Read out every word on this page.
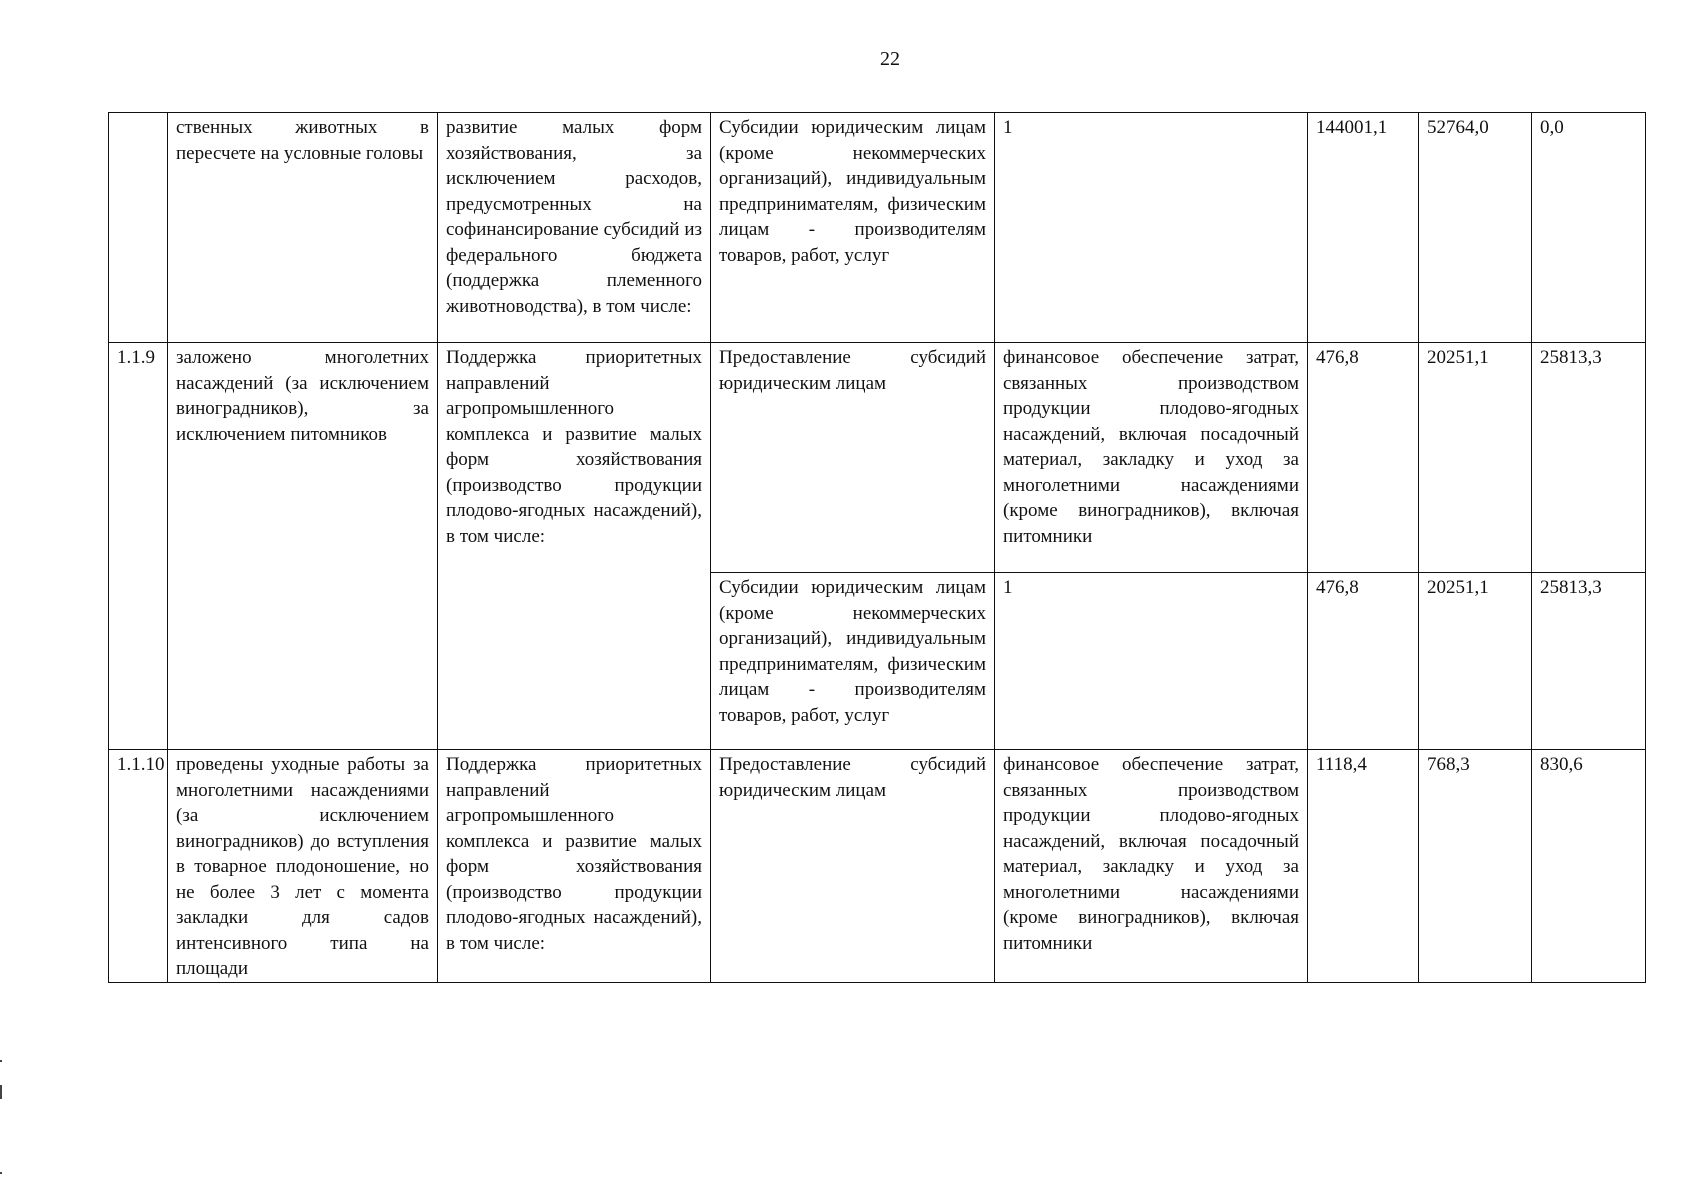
22
	ственных животных в пересчете на условные головы	развитие малых форм хозяйствования, за исключением расходов, предусмотренных на софинансирование субсидий из федерального бюджета (поддержка племенного животноводства), в том числе:	Субсидии юридическим лицам (кроме некоммерческих организаций), индивидуальным предпринимателям, физическим лицам - производителям товаров, работ, услуг	1	144001,1	52764,0	0,0
1.1.9	заложено многолетних насаждений (за исключением виноградников), за исключением питомников	Поддержка приоритетных направлений агропромышленного комплекса и развитие малых форм хозяйствования (производство продукции плодово-ягодных насаждений), в том числе:	Предоставление субсидий юридическим лицам	финансовое обеспечение затрат, связанных производством продукции плодово-ягодных насаждений, включая посадочный материал, закладку и уход за многолетними насаждениями (кроме виноградников), включая питомники	476,8	20251,1	25813,3
			Субсидии юридическим лицам (кроме некоммерческих организаций), индивидуальным предпринимателям, физическим лицам - производителям товаров, работ, услуг	1	476,8	20251,1	25813,3
1.1.10	проведены уходные работы за многолетними насаждениями (за исключением виноградников) до вступления в товарное плодоношение, но не более 3 лет с момента закладки для садов интенсивного типа на площади	Поддержка приоритетных направлений агропромышленного комплекса и развитие малых форм хозяйствования (производство продукции плодово-ягодных насаждений), в том числе:	Предоставление субсидий юридическим лицам	финансовое обеспечение затрат, связанных производством продукции плодово-ягодных насаждений, включая посадочный материал, закладку и уход за многолетними насаждениями (кроме виноградников), включая питомники	1118,4	768,3	830,6
